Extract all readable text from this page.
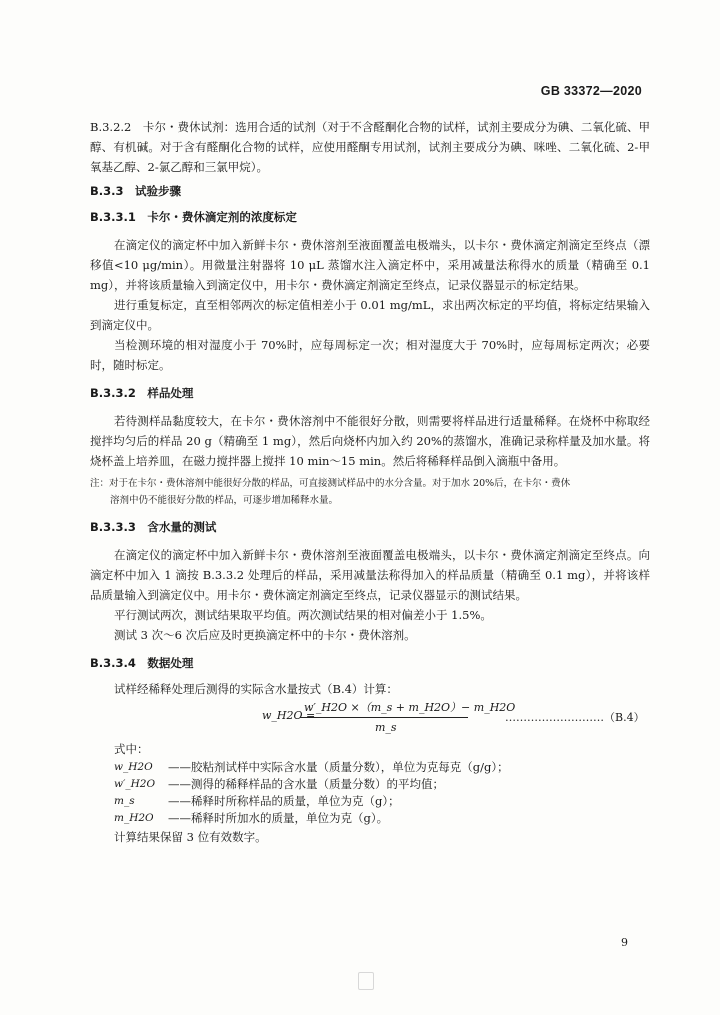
GB 33372—2020

B.3.2.2　卡尔・费休试剂：选用合适的试剂（对于不含醛酮化合物的试样，试剂主要成分为碘、二氧化硫、甲醇、有机碱。对于含有醛酮化合物的试样，应使用醛酮专用试剂，试剂主要成分为碘、咪唑、二氧化硫、2-甲氧基乙醇、2-氯乙醇和三氯甲烷）。

B.3.3　试验步骤

B.3.3.1　卡尔・费休滴定剂的浓度标定

在滴定仪的滴定杯中加入新鲜卡尔・费休溶剂至液面覆盖电极端头，以卡尔・费休滴定剂滴定至终点（漂移值<10 μg/min）。用微量注射器将 10 μL 蒸馏水注入滴定杯中，采用减量法称得水的质量（精确至 0.1 mg），并将该质量输入到滴定仪中，用卡尔・费休滴定剂滴定至终点，记录仪器显示的标定结果。

进行重复标定，直至相邻两次的标定值相差小于 0.01 mg/mL，求出两次标定的平均值，将标定结果输入到滴定仪中。

当检测环境的相对湿度小于 70%时，应每周标定一次；相对湿度大于 70%时，应每周标定两次；必要时，随时标定。

B.3.3.2　样品处理

若待测样品黏度较大，在卡尔・费休溶剂中不能很好分散，则需要将样品进行适量稀释。在烧杯中称取经搅拌均匀后的样品 20 g（精确至 1 mg），然后向烧杯内加入约 20%的蒸馏水，准确记录称样量及加水量。将烧杯盖上培养皿，在磁力搅拌器上搅拌 10 min～15 min。然后将稀释样品倒入滴瓶中备用。

注：对于在卡尔・费休溶剂中能很好分散的样品，可直接测试样品中的水分含量。对于加水 20%后，在卡尔・费休

溶剂中仍不能很好分散的样品，可逐步增加稀释水量。

B.3.3.3　含水量的测试

在滴定仪的滴定杯中加入新鲜卡尔・费休溶剂至液面覆盖电极端头，以卡尔・费休滴定剂滴定至终点。向滴定杯中加入 1 滴按 B.3.3.2 处理后的样品，采用减量法称得加入的样品质量（精确至 0.1 mg），并将该样品质量输入到滴定仪中。用卡尔・费休滴定剂滴定至终点，记录仪器显示的测试结果。

平行测试两次，测试结果取平均值。两次测试结果的相对偏差小于 1.5%。

测试 3 次～6 次后应及时更换滴定杯中的卡尔・费休溶剂。

B.3.3.4　数据处理

试样经稀释处理后测得的实际含水量按式（B.4）计算：

w_H2O =
w′_H2O ×（m_s + m_H2O）− m_H2O
m_s
………………………（B.4）

式中：

w_H2O	——胶粘剂试样中实际含水量（质量分数），单位为克每克（g/g）；
w′_H2O	——测得的稀释样品的含水量（质量分数）的平均值；
m_s	——稀释时所称样品的质量，单位为克（g）；
m_H2O	——稀释时所加水的质量，单位为克（g）。

计算结果保留 3 位有效数字。

9
